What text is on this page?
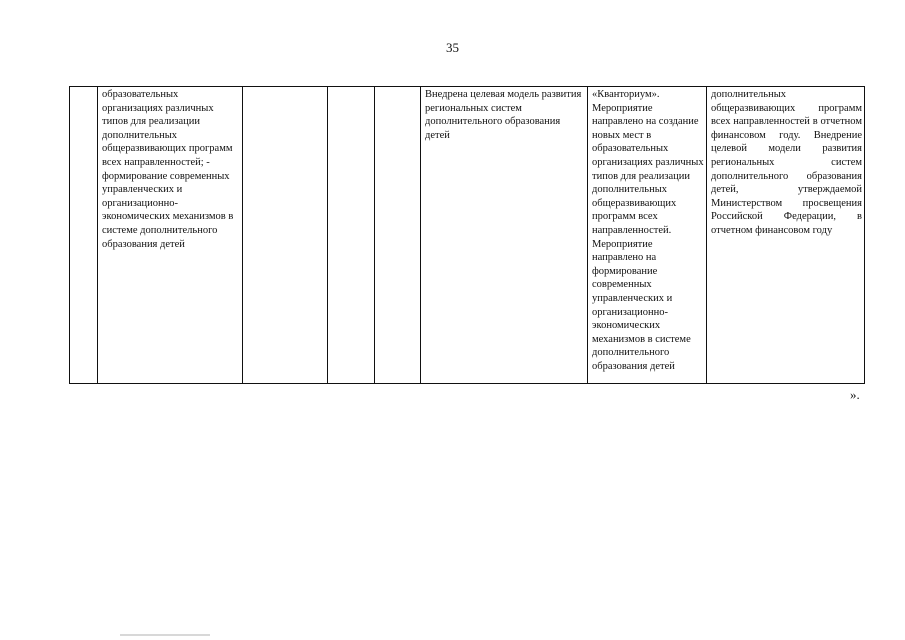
35
	образовательных организациях различных типов для реализации дополнительных общеразвивающих программ всех направленностей; - формирование современных управленческих и организационно-экономических механизмов в системе дополнительного образования детей				Внедрена целевая модель развития региональных систем дополнительного образования детей	«Кванториум». Мероприятие направлено на создание новых мест в образовательных организациях различных типов для реализации дополнительных общеразвивающих программ всех направленностей. Мероприятие направлено на формирование современных управленческих и организационно-экономических механизмов в системе дополнительного образования детей	дополнительных общеразвивающих программ всех направленностей в отчетном финансовом году. Внедрение целевой модели развития региональных систем дополнительного образования детей, утверждаемой Министерством просвещения Российской Федерации, в отчетном финансовом году
».
